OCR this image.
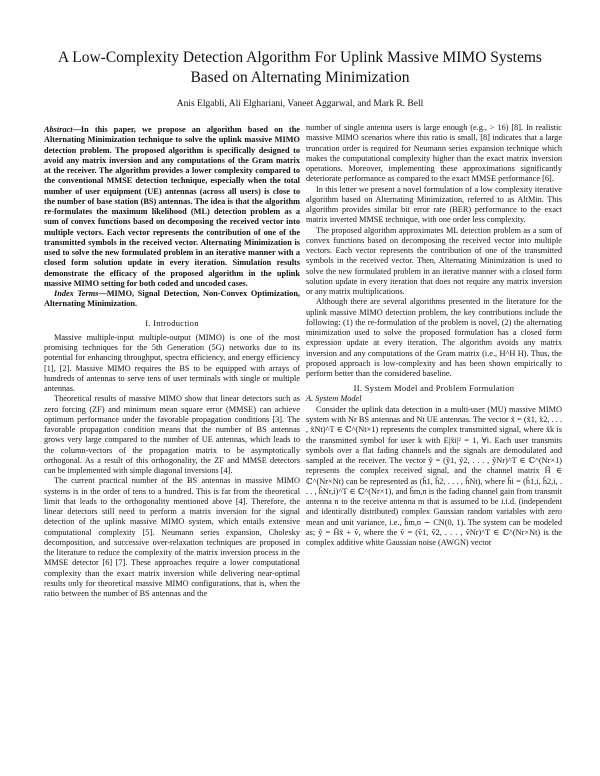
A Low-Complexity Detection Algorithm For Uplink Massive MIMO Systems Based on Alternating Minimization
Anis Elgabli, Ali Elghariani, Vaneet Aggarwal, and Mark R. Bell

Abstract—In this paper, we propose an algorithm based on the Alternating Minimization technique to solve the uplink massive MIMO detection problem. The proposed algorithm is specifically designed to avoid any matrix inversion and any computations of the Gram matrix at the receiver. The algorithm provides a lower complexity compared to the conventional MMSE detection technique, especially when the total number of user equipment (UE) antennas (across all users) is close to the number of base station (BS) antennas. The idea is that the algorithm re-formulates the maximum likelihood (ML) detection problem as a sum of convex functions based on decomposing the received vector into multiple vectors. Each vector represents the contribution of one of the transmitted symbols in the received vector. Alternating Minimization is used to solve the new formulated problem in an iterative manner with a closed form solution update in every iteration. Simulation results demonstrate the efficacy of the proposed algorithm in the uplink massive MIMO setting for both coded and uncoded cases.

Index Terms—MIMO, Signal Detection, Non-Convex Optimization, Alternating Minimization.

I. Introduction

Massive multiple-input multiple-output (MIMO) is one of the most promising techniques for the 5th Generation (5G) networks due to its potential for enhancing throughput, spectra efficiency, and energy efficiency [1], [2]. Massive MIMO requires the BS to be equipped with arrays of hundreds of antennas to serve tens of user terminals with single or multiple antennas.

Theoretical results of massive MIMO show that linear detectors such as zero forcing (ZF) and minimum mean square error (MMSE) can achieve optimum performance under the favorable propagation conditions [3]. The favorable propagation condition means that the number of BS antennas grows very large compared to the number of UE antennas, which leads to the column-vectors of the propagation matrix to be asymptotically orthogonal. As a result of this orthogonality, the ZF and MMSE detectors can be implemented with simple diagonal inversions [4].

The current practical number of the BS antennas in massive MIMO systems is in the order of tens to a hundred. This is far from the theoretical limit that leads to the orthogonality mentioned above [4]. Therefore, the linear detectors still need to perform a matrix inversion for the signal detection of the uplink massive MIMO system, which entails extensive computational complexity [5]. Neumann series expansion, Cholesky decomposition, and successive over-relaxation techniques are proposed in the literature to reduce the complexity of the matrix inversion process in the MMSE detector [6] [7]. These approaches require a lower computational complexity than the exact matrix inversion while delivering near-optimal results only for theoretical massive MIMO configurations, that is, when the ratio between the number of BS antennas and the

number of single antenna users is large enough (e.g., > 16) [8]. In realistic massive MIMO scenarios where this ratio is small, [8] indicates that a large truncation order is required for Neumann series expansion technique which makes the computational complexity higher than the exact matrix inversion operations. Moreover, implementing these approximations significantly deteriorate performance as compared to the exact MMSE performance [6].

In this letter we present a novel formulation of a low complexity iterative algorithm based on Alternating Minimization, referred to as AltMin. This algorithm provides similar bit error rate (BER) performance to the exact matrix inverted MMSE technique, with one order less complexity.

The proposed algorithm approximates ML detection problem as a sum of convex functions based on decomposing the received vector into multiple vectors. Each vector represents the contribution of one of the transmitted symbols in the received vector. Then, Alternating Minimization is used to solve the new formulated problem in an iterative manner with a closed form solution update in every iteration that does not require any matrix inversion or any matrix multiplications.

Although there are several algorithms presented in the literature for the uplink massive MIMO detection problem, the key contributions include the following: (1) the re-formulation of the problem is novel, (2) the alternating minimization used to solve the proposed formulation has a closed form expression update at every iteration. The algorithm avoids any matrix inversion and any computations of the Gram matrix (i.e., H^H H). Thus, the proposed approach is low-complexity and has been shown empirically to perform better than the considered baseline.

II. System Model and Problem Formulation
A. System Model

Consider the uplink data detection in a multi-user (MU) massive MIMO system with Nr BS antennas and Nt UE antennas. The vector x̃ = (x̃1, x̃2, . . . , x̃Nt)^T ∈ ℂ^(Nt×1) represents the complex transmitted signal, where x̃k is the transmitted symbol for user k with E|x̃i|² = 1, ∀i. Each user transmits symbols over a flat fading channels and the signals are demodulated and sampled at the receiver. The vector ỹ = (ỹ1, ỹ2, . . . , ỹNr)^T ∈ ℂ^(Nr×1) represents the complex received signal, and the channel matrix H̃ ∈ ℂ^(Nr×Nt) can be represented as (h̃1, h̃2, . . . , h̃Nt), where h̃i = (h̃1,i, h̃2,i, . . . , h̃Nr,i)^T ∈ ℂ^(Nr×1), and h̃m,n is the fading channel gain from transmit antenna n to the receive antenna m that is assumed to be i.i.d. (independent and identically distributed) complex Gaussian random variables with zero mean and unit variance, i.e., h̃m,n ∼ CN(0, 1). The system can be modeled as; ỹ = H̃x̃ + ṽ, where the ṽ = (ṽ1, ṽ2, . . . , ṽNr)^T ∈ ℂ^(Nr×Nt) is the complex additive white Gaussian noise (AWGN) vector
